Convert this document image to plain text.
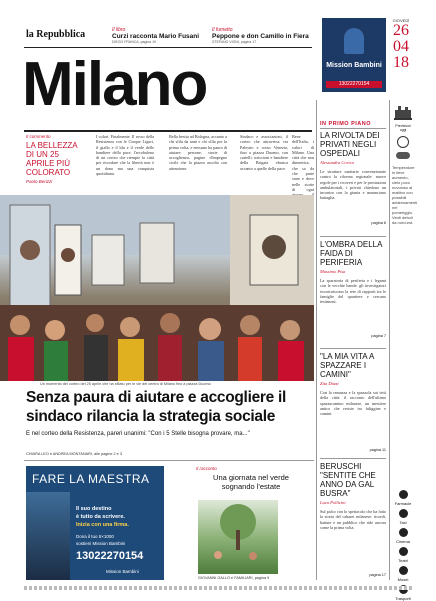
la Repubblica	Il libro
Curzi racconta Mario Fusani
DIEGO FRANCA, pagina 19
Il fumetto
Peppone e don Camillo in Fiera
STEFANO VIGNI, pagina 17
Milano	Mission Bambini
13022270154
GIOVEDÌ
26
04
18
Il commento
LA BELLEZZA DI UN 25 APRILE PIÙ COLORATO
Paolo Berizzi
I colori. Finalmente. Il rosso della Resistenza con le Cinque Liguri, il giallo e il blu e il verde delle bandiere della pace, l'arcobaleno di un corteo che riempie la città per ricordare che la libertà non è un dono ma una conquista quotidiana.
Bella bestia ad Bologna, accanto a chi sfila da anni e chi sfila per la prima volta, e nessuno ha paura di aiutare: persone, storie di accoglienza, pagine d'impegno civile che la piazza ascolta con attenzione.
Sindaco e associazioni, il corteo che attraversa via Palestro e corso Venezia, fino a piazza Duomo, con cartelli, striscioni e bandiere della Brigata ebraica accanto a quelle della pace.
Bene dell'Italia, i valori di Milano. Una città che non dimentica, che sa da che parte stare e dove nelle storie di ogni
Un momento del corteo del 25 aprile che ha sfilato per le vie del centro di Milano fino a piazza Duomo
Senza paura di aiutare e accogliere il sindaco rilancia la strategia sociale
E nel corteo della Resistenza, pareri unanimi: "Con i 5 Stelle bisogna provare, ma..."
CHIARA LEO e ANDREA MONTANARI, alle pagine 2 e 3
FARE LA MAESTRA
Il suo destino
è tutto da scrivere.
Inizia con una firma.
Dona il tuo 5×1000
sostieni Mission Bambini
13022270154
Mission Bambini
Il racconto
Una giornata nel verde sognando l'estate
GIOVANNI GALLO e FAMILIARI, pagina 9
IN PRIMO PIANO
LA RIVOLTA DEI PRIVATI NEGLI OSPEDALI
Alessandra Corica
Le strutture sanitarie convenzionate contro la riforma regionale: nuove regole per i ricoveri e per le prestazioni ambulatoriali, i privati chiedono un incontro con la giunta e annunciano battaglia.
pagina 6
L'OMBRA DELLA FAIDA DI PERIFERIA
Massimo Pisa
La sparatoria di periferia e i legami con le vecchie bande: gli investigatori ricostruiscono la rete di rapporti tra le famiglie del quartiere e cercano testimoni.
pagina 7
"LA MIA VITA A SPAZZARE I CAMINI"
Zita Dazzi
Con la ramazza e la spazzola sui tetti della città: il racconto dell'ultimo spazzacamino milanese, un mestiere antico che resiste tra fuliggine e camini.
pagina 11
BERUSCHI "SENTITE CHE ANNO DA GAL BUSRA"
Luca Pollicini
Sul palco con lo spettacolo che ha fatto la storia del cabaret milanese: ricordi, battute e un pubblico che ride ancora come la prima volta.
pagina 17
Previsioni oggi
Temperature in lieve aumento, cielo poco nuvoloso al mattino con possibili addensamenti nel pomeriggio. Venti deboli da nord-est.
Farmacie
Taxi
Cinema
Teatri
Musei
Trasporti
